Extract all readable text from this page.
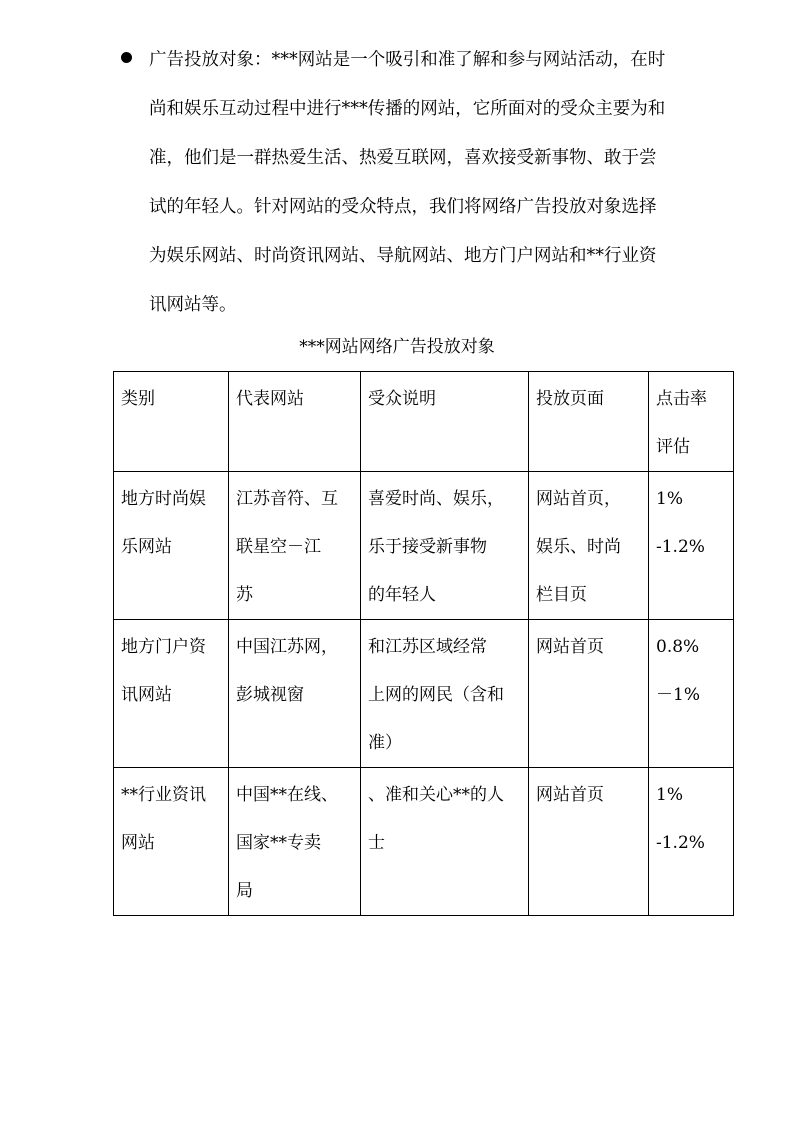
广告投放对象：***网站是一个吸引和准了解和参与网站活动，在时
尚和娱乐互动过程中进行***传播的网站，它所面对的受众主要为和
准，他们是一群热爱生活、热爱互联网，喜欢接受新事物、敢于尝
试的年轻人。针对网站的受众特点，我们将网络广告投放对象选择
为娱乐网站、时尚资讯网站、导航网站、地方门户网站和**行业资
讯网站等。
***网站网络广告投放对象
类别	代表网站	受众说明	投放页面	点击率
评估

地方时尚娱
乐网站	江苏音符、互
联星空－江
苏	喜爱时尚、娱乐，
乐于接受新事物
的年轻人	网站首页，
娱乐、时尚
栏目页	1%
-1.2%

地方门户资
讯网站	中国江苏网，
彭城视窗	和江苏区域经常
上网的网民（含和
准）	网站首页	0.8%
－1%

**行业资讯
网站	中国**在线、
国家**专卖
局	、准和关心**的人
士	网站首页	1%
-1.2%
